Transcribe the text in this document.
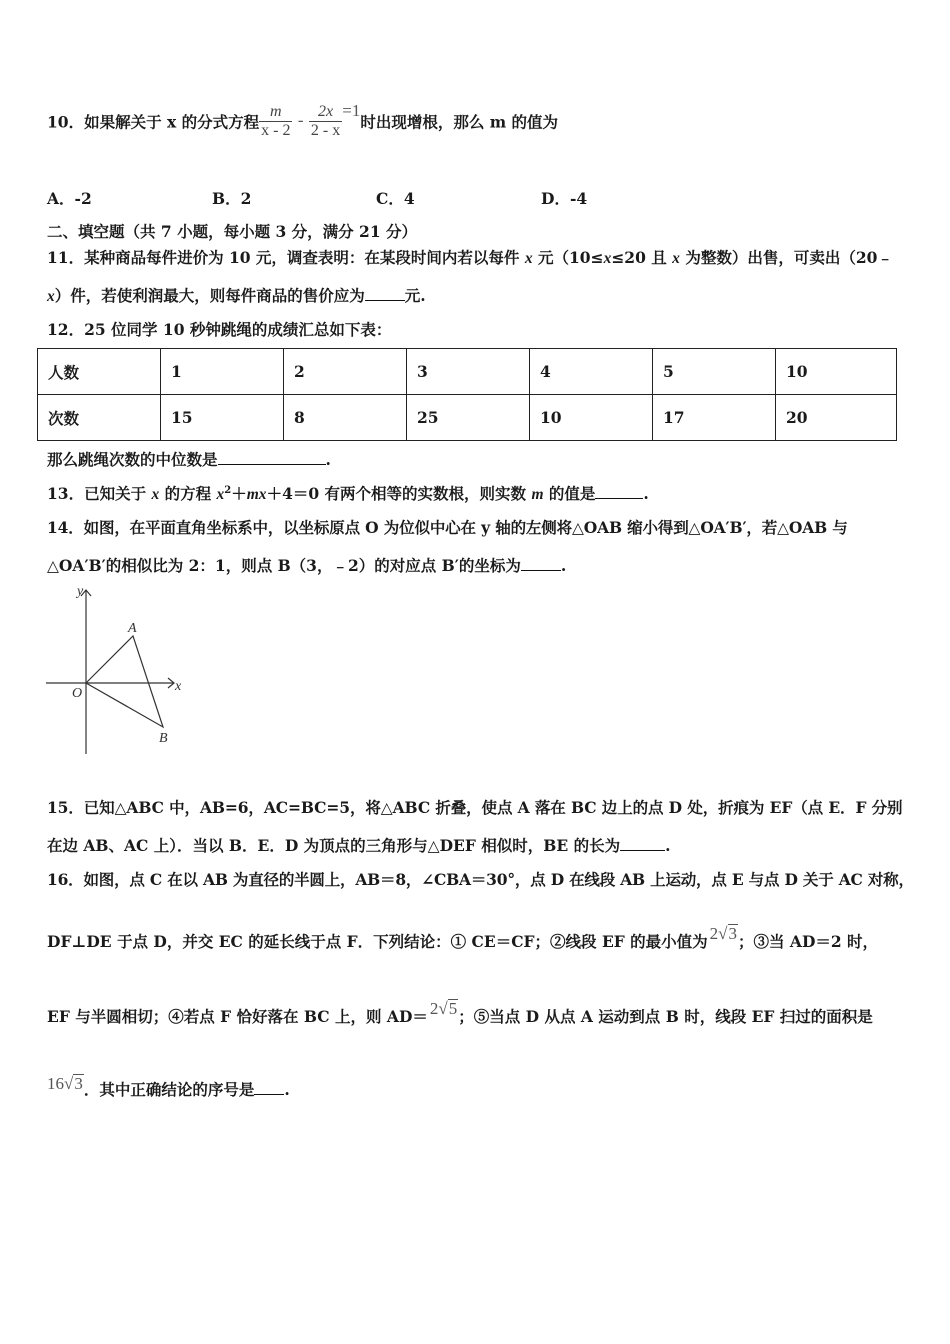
10．如果解关于 x 的分式方程 $\frac{m}{x - 2} - \frac{2x}{2 - x} =1$时出现增根，那么 m 的值为
A．-2	B．2	C．4	D．-4
二、填空题（共 7 小题，每小题 3 分，满分 21 分）
11．某种商品每件进价为 10 元，调查表明：在某段时间内若以每件 x 元（10≤x≤20 且 x 为整数）出售，可卖出（20﹣
x）件，若使利润最大，则每件商品的售价应为	元.
12．25 位同学 10 秒钟跳绳的成绩汇总如下表：
人数	1	2	3	4	5	10
次数	15	8	25	10	17	20
那么跳绳次数的中位数是	.
13．已知关于 x 的方程 $x^2+mx+4=0$ 有两个相等的实数根，则实数 m 的值是	.
14．如图，在平面直角坐标系中，以坐标原点 O 为位似中心在 y 轴的左侧将△OAB 缩小得到△OA′B′，若△OAB 与
△OA′B′的相似比为 2：1，则点 B（3，﹣2）的对应点 B′的坐标为	.
y
x
O
A
B
15．已知△ABC 中，AB=6，AC=BC=5，将△ABC 折叠，使点 A 落在 BC 边上的点 D 处，折痕为 EF（点 E．F 分别
在边 AB、AC 上）．当以 B．E．D 为顶点的三角形与△DEF 相似时，BE 的长为	.
16．如图，点 C 在以 AB 为直径的半圆上，AB＝8，∠CBA＝30°，点 D 在线段 AB 上运动，点 E 与点 D 关于 AC 对称，
DF⊥DE 于点 D，并交 EC 的延长线于点 F．下列结论：① CE＝CF；②线段 EF 的最小值为 2√3；③当 AD＝2 时，
EF 与半圆相切；④若点 F 恰好落在 BC 上，则 AD＝ 2√5；⑤当点 D 从点 A 运动到点 B 时，线段 EF 扫过的面积是
16√3．其中正确结论的序号是 .
